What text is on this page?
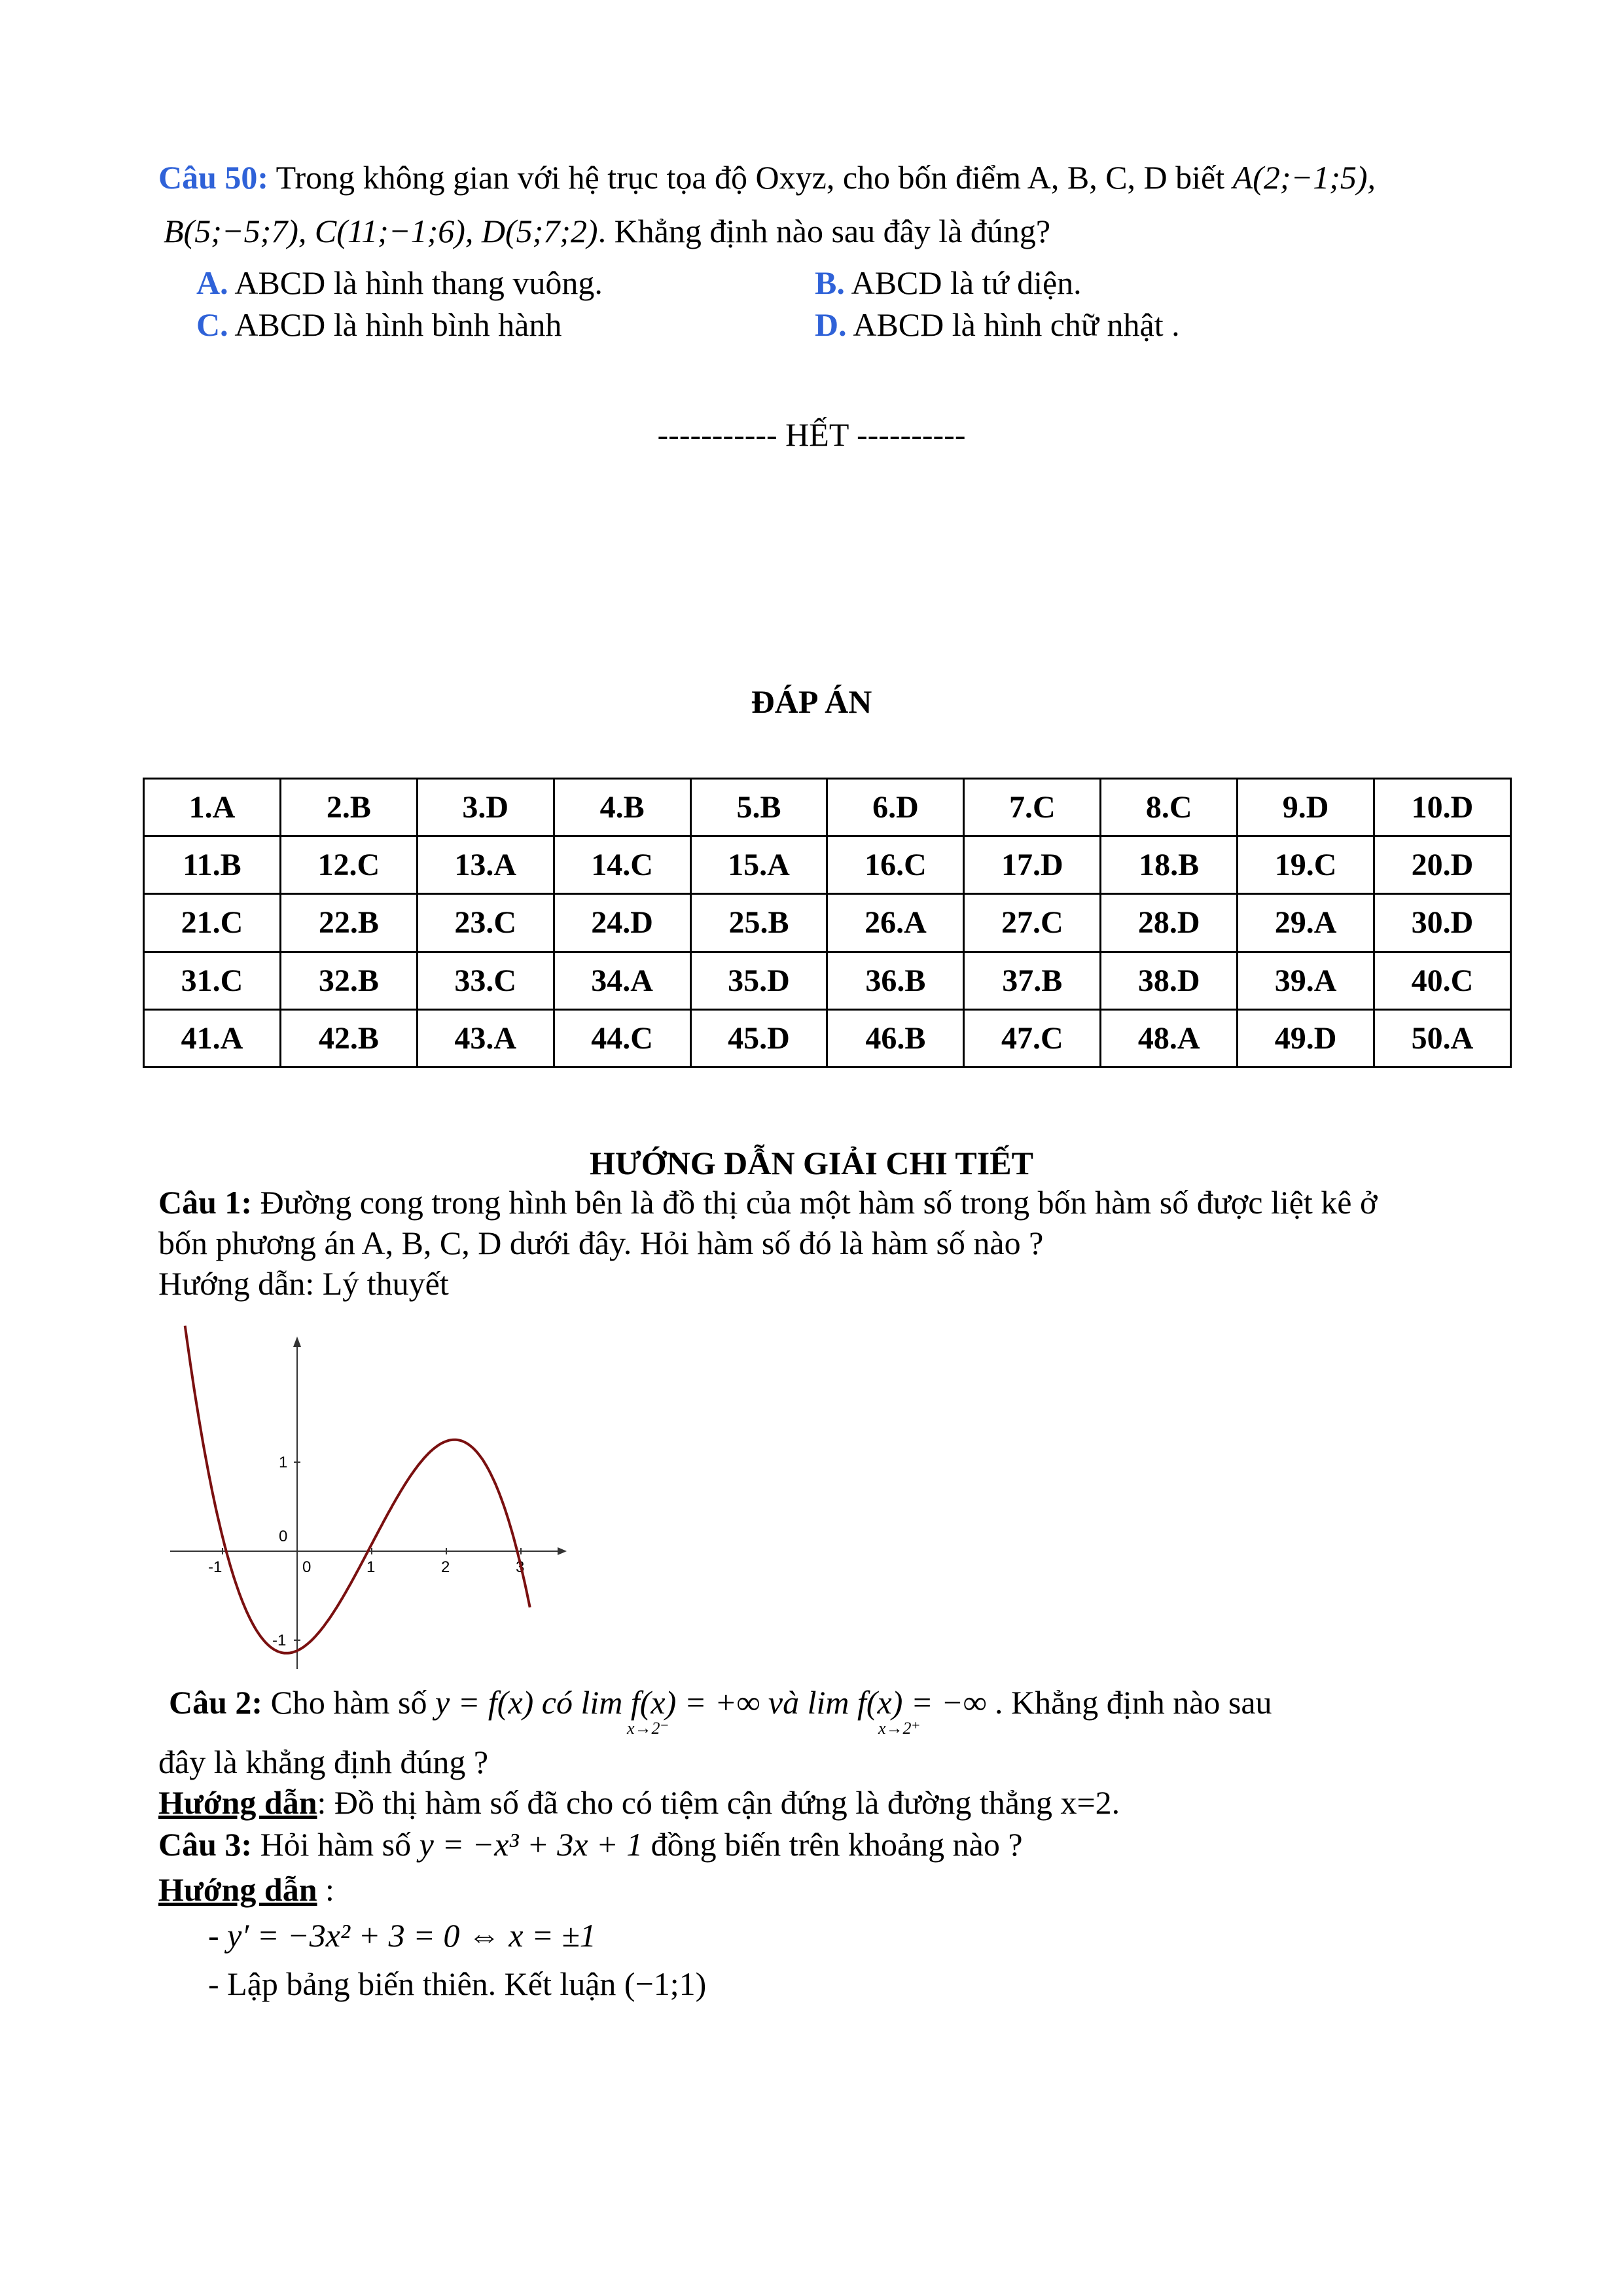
Câu 50: Trong không gian với hệ trục tọa độ Oxyz, cho bốn điểm A, B, C, D biết A(2;−1;5),
B(5;−5;7), C(11;−1;6), D(5;7;2). Khẳng định nào sau đây là đúng?
A. ABCD là hình thang vuông.	B. ABCD là tứ diện.
C. ABCD là hình bình hành	D. ABCD là hình chữ nhật .
----------- HẾT ----------
ĐÁP ÁN
1.A	2.B	3.D	4.B	5.B	6.D	7.C	8.C	9.D	10.D
11.B	12.C	13.A	14.C	15.A	16.C	17.D	18.B	19.C	20.D
21.C	22.B	23.C	24.D	25.B	26.A	27.C	28.D	29.A	30.D
31.C	32.B	33.C	34.A	35.D	36.B	37.B	38.D	39.A	40.C
41.A	42.B	43.A	44.C	45.D	46.B	47.C	48.A	49.D	50.A
HƯỚNG DẪN GIẢI CHI TIẾT
Câu 1: Đường cong trong hình bên là đồ thị của một hàm số trong bốn hàm số được liệt kê ở
bốn phương án A, B, C, D dưới đây. Hỏi hàm số đó là hàm số nào ?
Hướng dẫn: Lý thuyết
-1	0	1	2	3
1
0
-1
Câu 2: Cho hàm số y = f(x) có lim f(x) = +∞ và lim f(x) = −∞ . Khẳng định nào sau
x→2⁻	x→2⁺
đây là khẳng định đúng ?
Hướng dẫn: Đồ thị hàm số đã cho có tiệm cận đứng là đường thẳng x=2.
Câu 3: Hỏi hàm số y = −x³ + 3x + 1 đồng biến trên khoảng nào ?
Hướng dẫn :
- y′ = −3x² + 3 = 0 ⇔ x = ±1
- Lập bảng biến thiên. Kết luận (−1;1)
